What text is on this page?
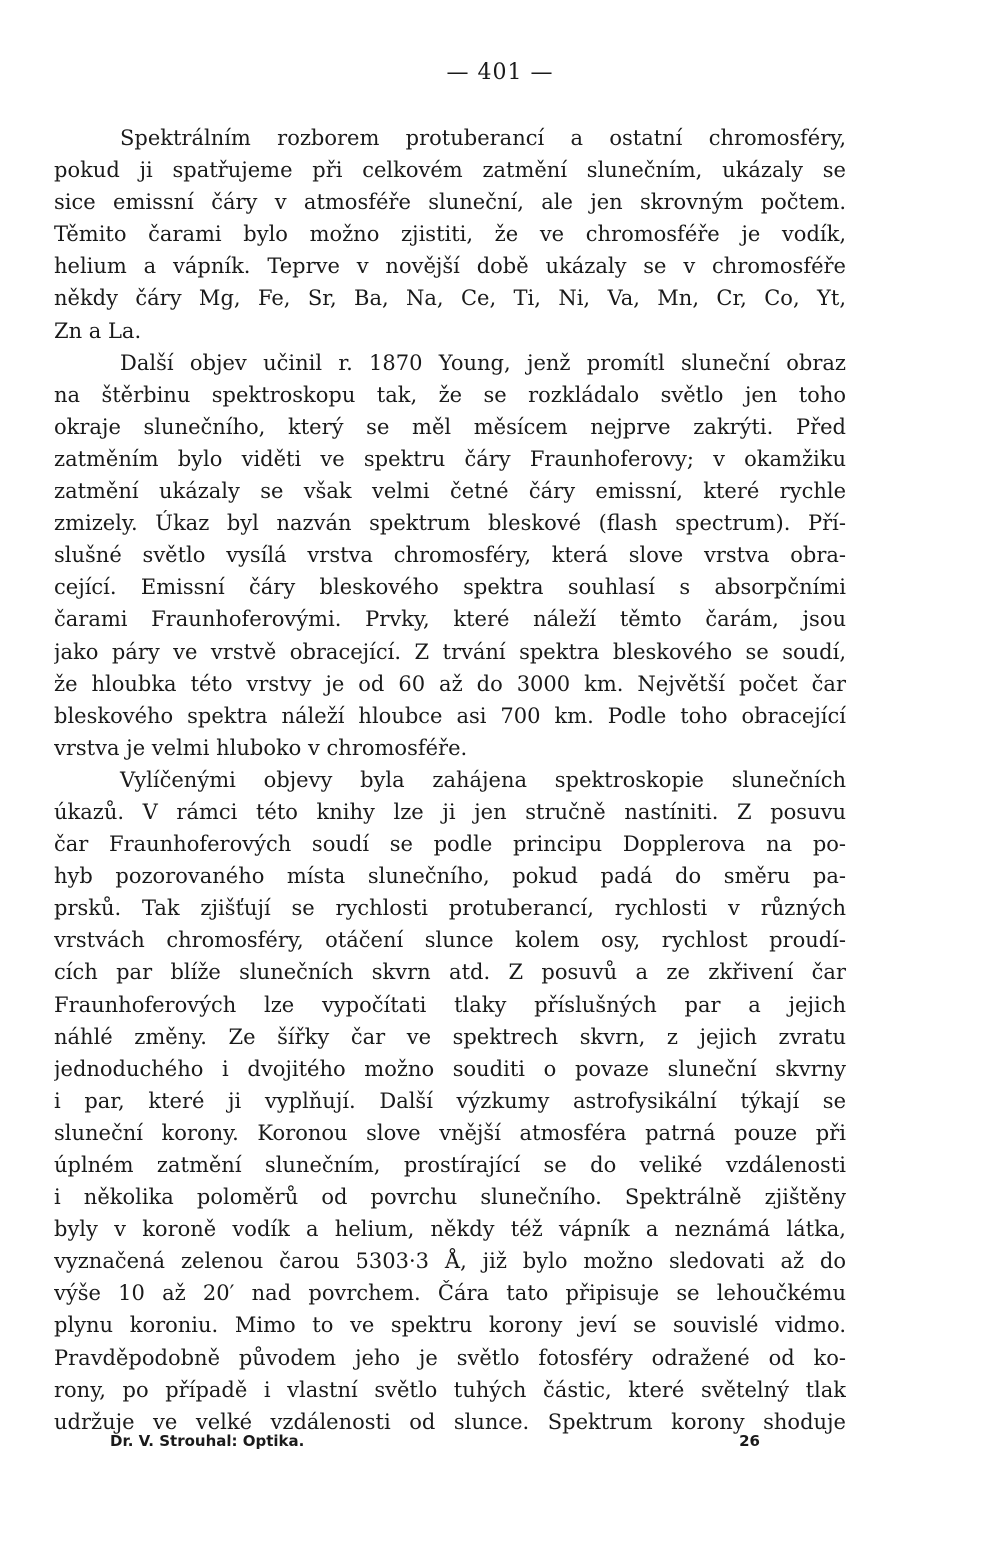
— 401 —
Spektrálním rozborem protuberancí a ostatní chromosféry,
pokud ji spatřujeme při celkovém zatmění slunečním, ukázaly se
sice emissní čáry v atmosféře sluneční, ale jen skrovným počtem.
Těmito čarami bylo možno zjistiti, že ve chromosféře je vodík,
helium a vápník. Teprve v novější době ukázaly se v chromosféře
někdy čáry Mg, Fe, Sr, Ba, Na, Ce, Ti, Ni, Va, Mn, Cr, Co, Yt,
Zn a La.
Další objev učinil r. 1870 Young, jenž promítl sluneční obraz
na štěrbinu spektroskopu tak, že se rozkládalo světlo jen toho
okraje slunečního, který se měl měsícem nejprve zakrýti. Před
zatměním bylo viděti ve spektru čáry Fraunhoferovy; v okamžiku
zatmění ukázaly se však velmi četné čáry emissní, které rychle
zmizely. Úkaz byl nazván spektrum bleskové (flash spectrum). Pří-
slušné světlo vysílá vrstva chromosféry, která slove vrstva obra-
cející. Emissní čáry bleskového spektra souhlasí s absorpčními
čarami Fraunhoferovými. Prvky, které náleží těmto čarám, jsou
jako páry ve vrstvě obracející. Z trvání spektra bleskového se soudí,
že hloubka této vrstvy je od 60 až do 3000 km. Největší počet čar
bleskového spektra náleží hloubce asi 700 km. Podle toho obracející
vrstva je velmi hluboko v chromosféře.
Vylíčenými objevy byla zahájena spektroskopie slunečních
úkazů. V rámci této knihy lze ji jen stručně nastíniti. Z posuvu
čar Fraunhoferových soudí se podle principu Dopplerova na po-
hyb pozorovaného místa slunečního, pokud padá do směru pa-
prsků. Tak zjišťují se rychlosti protuberancí, rychlosti v různých
vrstvách chromosféry, otáčení slunce kolem osy, rychlost proudí-
cích par blíže slunečních skvrn atd. Z posuvů a ze zkřivení čar
Fraunhoferových lze vypočítati tlaky příslušných par a jejich
náhlé změny. Ze šířky čar ve spektrech skvrn, z jejich zvratu
jednoduchého i dvojitého možno souditi o povaze sluneční skvrny
i par, které ji vyplňují. Další výzkumy astrofysikální týkají se
sluneční korony. Koronou slove vnější atmosféra patrná pouze při
úplném zatmění slunečním, prostírající se do veliké vzdálenosti
i několika poloměrů od povrchu slunečního. Spektrálně zjištěny
byly v koroně vodík a helium, někdy též vápník a neznámá látka,
vyznačená zelenou čarou 5303·3 Å, již bylo možno sledovati až do
výše 10 až 20′ nad povrchem. Čára tato připisuje se lehoučkému
plynu koroniu. Mimo to ve spektru korony jeví se souvislé vidmo.
Pravděpodobně původem jeho je světlo fotosféry odražené od ko-
rony, po případě i vlastní světlo tuhých částic, které světelný tlak
udržuje ve velké vzdálenosti od slunce. Spektrum korony shoduje
Dr. V. Strouhal: Optika.	26
